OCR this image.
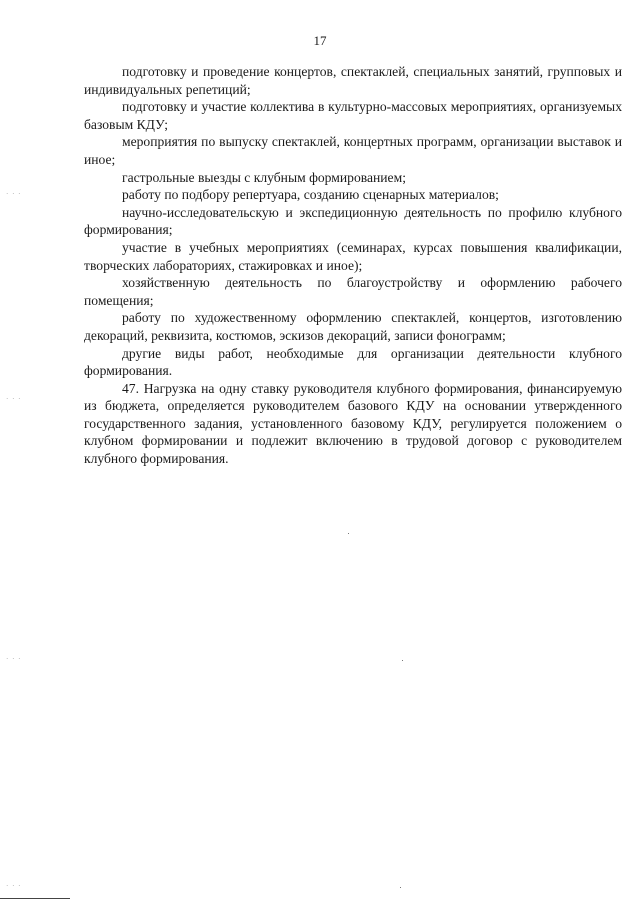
17

подготовку и проведение концертов, спектаклей, специальных занятий, групповых и индивидуальных репетиций;

подготовку и участие коллектива в культурно-массовых мероприятиях, организуемых базовым КДУ;

мероприятия по выпуску спектаклей, концертных программ, организации выставок и иное;

гастрольные выезды с клубным формированием;

работу по подбору репертуара, созданию сценарных материалов;

научно-исследовательскую и экспедиционную деятельность по профилю клубного формирования;

участие в учебных мероприятиях (семинарах, курсах повышения квалификации, творческих лабораториях, стажировках и иное);

хозяйственную деятельность по благоустройству и оформлению рабочего помещения;

работу по художественному оформлению спектаклей, концертов, изготовлению декораций, реквизита, костюмов, эскизов декораций, записи фонограмм;

другие виды работ, необходимые для организации деятельности клубного формирования.

47. Нагрузка на одну ставку руководителя клубного формирования, финансируемую из бюджета, определяется руководителем базового КДУ на основании утвержденного государственного задания, установленного базовому КДУ, регулируется положением о клубном формировании и подлежит включению в трудовой договор с руководителем клубного формирования.

· · ·
· · ·
· · ·
· · ·
